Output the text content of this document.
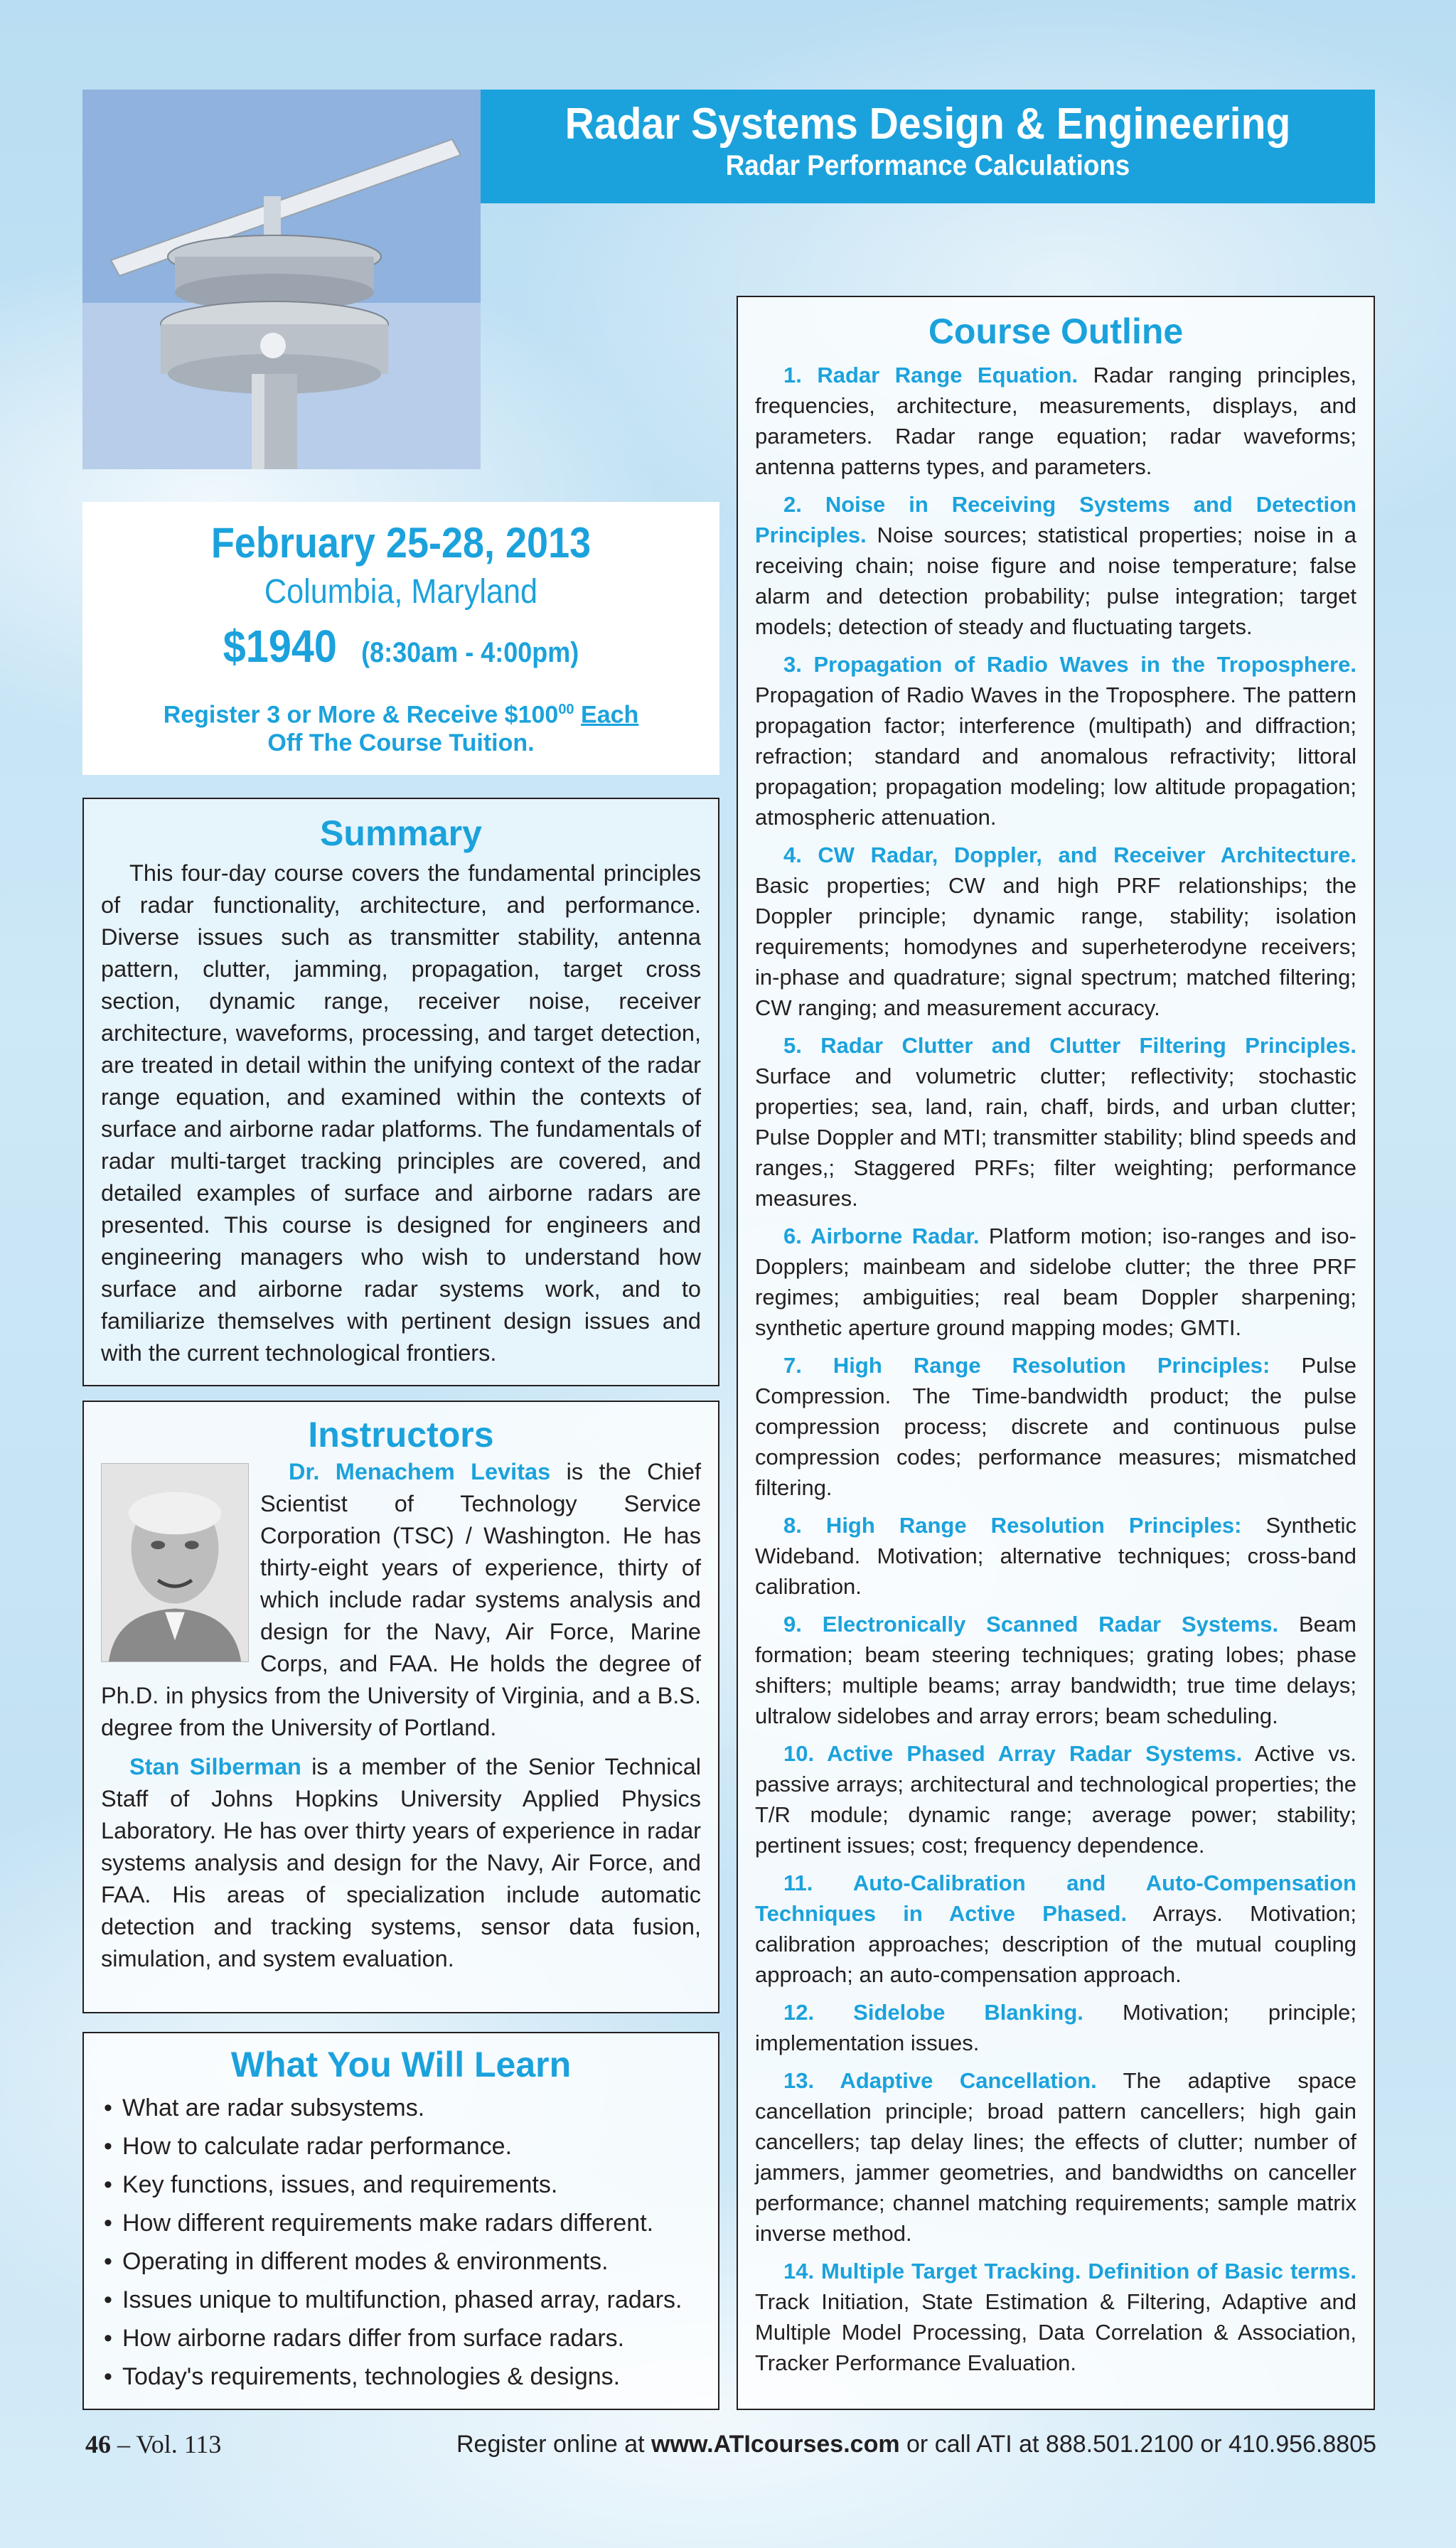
Radar Systems Design & Engineering
Radar Performance Calculations
February 25-28, 2013
Columbia, Maryland
$1940 (8:30am - 4:00pm)
Register 3 or More & Receive $\$100^{00}$ Each
Off The Course Tuition.
Summary

This four-day course covers the fundamental principles of radar functionality, architecture, and performance. Diverse issues such as transmitter stability, antenna pattern, clutter, jamming, propagation, target cross section, dynamic range, receiver noise, receiver architecture, waveforms, processing, and target detection, are treated in detail within the unifying context of the radar range equation, and examined within the contexts of surface and airborne radar platforms. The fundamentals of radar multi-target tracking principles are covered, and detailed examples of surface and airborne radars are presented. This course is designed for engineers and engineering managers who wish to understand how surface and airborne radar systems work, and to familiarize themselves with pertinent design issues and with the current technological frontiers.

Instructors

Dr. Menachem Levitas
is the Chief Scientist of Technology Service Corporation (TSC) / Washington. He has thirty-eight years of experience, thirty of which include radar systems analysis and design for the Navy, Air Force, Marine Corps, and FAA. He holds the degree of Ph.D. in physics from the University of Virginia, and a B.S. degree from the University of Portland.

Stan Silberman is a member of the Senior Technical Staff of Johns Hopkins University Applied Physics Laboratory. He has over thirty years of experience in radar systems analysis and design for the Navy, Air Force, and FAA. His areas of specialization include automatic detection and tracking systems, sensor data fusion, simulation, and system evaluation.

What You Will Learn
• What are radar subsystems.
• How to calculate radar performance.
• Key functions, issues, and requirements.
• How different requirements make radars different.
• Operating in different modes & environments.
• Issues unique to multifunction, phased array, radars.
• How airborne radars differ from surface radars.
• Today's requirements, technologies & designs.
Course Outline
1. Radar Range Equation. Radar ranging principles, frequencies, architecture, measurements, displays, and parameters. Radar range equation; radar waveforms; antenna patterns types, and parameters.
2. Noise in Receiving Systems and Detection Principles. Noise sources; statistical properties; noise in a receiving chain; noise figure and noise temperature; false alarm and detection probability; pulse integration; target models; detection of steady and fluctuating targets.
3. Propagation of Radio Waves in the Troposphere. Propagation of Radio Waves in the Troposphere. The pattern propagation factor; interference (multipath) and diffraction; refraction; standard and anomalous refractivity; littoral propagation; propagation modeling; low altitude propagation; atmospheric attenuation.
4. CW Radar, Doppler, and Receiver Architecture. Basic properties; CW and high PRF relationships; the Doppler principle; dynamic range, stability; isolation requirements; homodynes and superheterodyne receivers; in-phase and quadrature; signal spectrum; matched filtering; CW ranging; and measurement accuracy.
5. Radar Clutter and Clutter Filtering Principles. Surface and volumetric clutter; reflectivity; stochastic properties; sea, land, rain, chaff, birds, and urban clutter; Pulse Doppler and MTI; transmitter stability; blind speeds and ranges,; Staggered PRFs; filter weighting; performance measures.
6. Airborne Radar. Platform motion; iso-ranges and iso-Dopplers; mainbeam and sidelobe clutter; the three PRF regimes; ambiguities; real beam Doppler sharpening; synthetic aperture ground mapping modes; GMTI.
7. High Range Resolution Principles: Pulse Compression. The Time-bandwidth product; the pulse compression process; discrete and continuous pulse compression codes; performance measures; mismatched filtering.
8. High Range Resolution Principles: Synthetic Wideband. Motivation; alternative techniques; cross-band calibration.
9. Electronically Scanned Radar Systems. Beam formation; beam steering techniques; grating lobes; phase shifters; multiple beams; array bandwidth; true time delays; ultralow sidelobes and array errors; beam scheduling.
10. Active Phased Array Radar Systems. Active vs. passive arrays; architectural and technological properties; the T/R module; dynamic range; average power; stability; pertinent issues; cost; frequency dependence.
11. Auto-Calibration and Auto-Compensation Techniques in Active Phased. Arrays. Motivation; calibration approaches; description of the mutual coupling approach; an auto-compensation approach.
12. Sidelobe Blanking. Motivation; principle; implementation issues.
13. Adaptive Cancellation. The adaptive space cancellation principle; broad pattern cancellers; high gain cancellers; tap delay lines; the effects of clutter; number of jammers, jammer geometries, and bandwidths on canceller performance; channel matching requirements; sample matrix inverse method.
14. Multiple Target Tracking. Definition of Basic terms. Track Initiation, State Estimation & Filtering, Adaptive and Multiple Model Processing, Data Correlation & Association, Tracker Performance Evaluation.
46 – Vol. 113	Register online at www.ATIcourses.com or call ATI at 888.501.2100 or 410.956.8805
